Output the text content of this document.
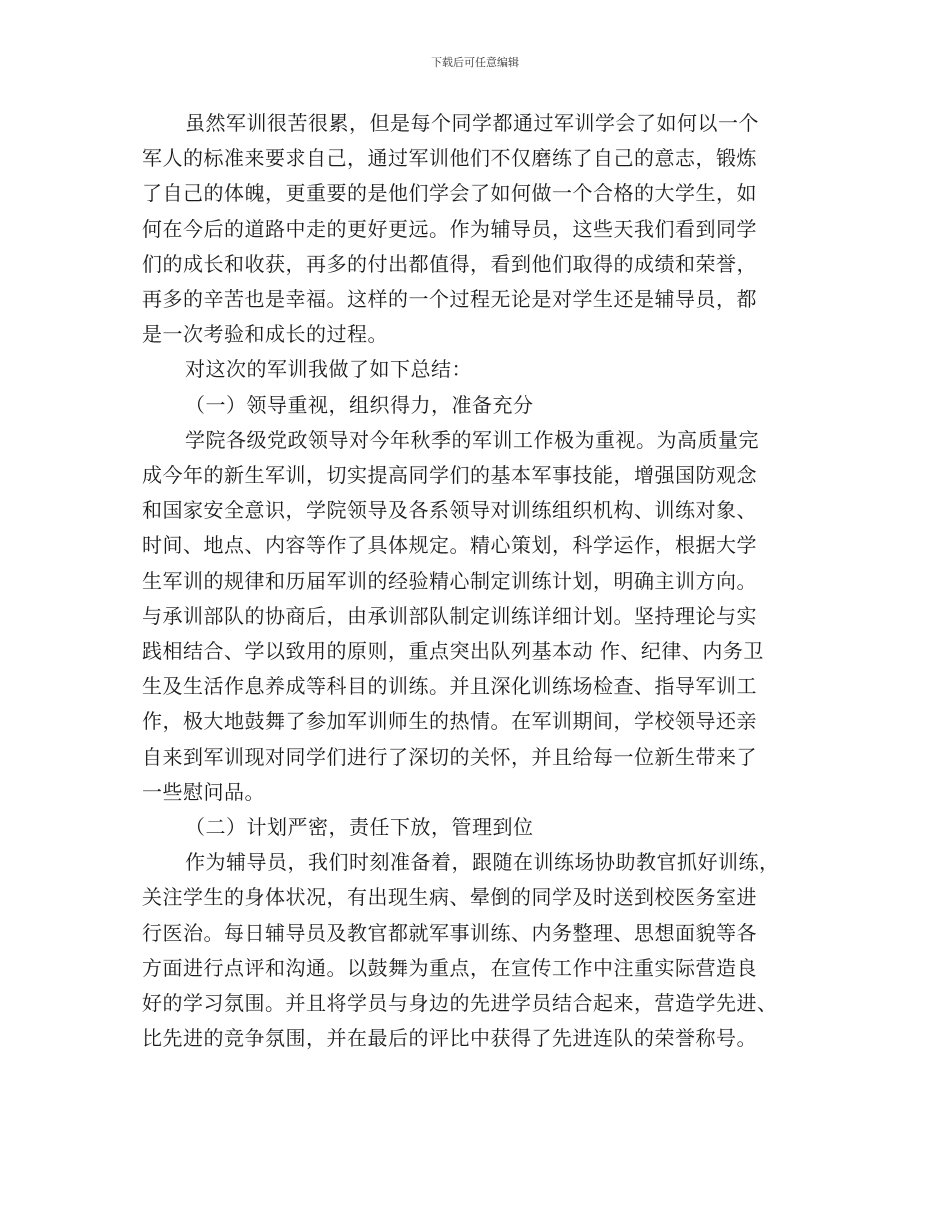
下载后可任意编辑
虽然军训很苦很累，但是每个同学都通过军训学会了如何以一个
军人的标准来要求自己，通过军训他们不仅磨练了自己的意志，锻炼
了自己的体魄，更重要的是他们学会了如何做一个合格的大学生，如
何在今后的道路中走的更好更远。作为辅导员，这些天我们看到同学
们的成长和收获，再多的付出都值得，看到他们取得的成绩和荣誉，
再多的辛苦也是幸福。这样的一个过程无论是对学生还是辅导员，都
是一次考验和成长的过程。
对这次的军训我做了如下总结：
（一）领导重视，组织得力，准备充分
学院各级党政领导对今年秋季的军训工作极为重视。为高质量完
成今年的新生军训，切实提高同学们的基本军事技能，增强国防观念
和国家安全意识，学院领导及各系领导对训练组织机构、训练对象、
时间、地点、内容等作了具体规定。精心策划，科学运作，根据大学
生军训的规律和历届军训的经验精心制定训练计划，明确主训方向。
与承训部队的协商后，由承训部队制定训练详细计划。坚持理论与实
践相结合、学以致用的原则，重点突出队列基本动 作、纪律、内务卫
生及生活作息养成等科目的训练。并且深化训练场检查、指导军训工
作，极大地鼓舞了参加军训师生的热情。在军训期间，学校领导还亲
自来到军训现对同学们进行了深切的关怀，并且给每一位新生带来了
一些慰问品。
（二）计划严密，责任下放，管理到位
作为辅导员，我们时刻准备着，跟随在训练场协助教官抓好训练，
关注学生的身体状况，有出现生病、晕倒的同学及时送到校医务室进
行医治。每日辅导员及教官都就军事训练、内务整理、思想面貌等各
方面进行点评和沟通。以鼓舞为重点，在宣传工作中注重实际营造良
好的学习氛围。并且将学员与身边的先进学员结合起来，营造学先进、
比先进的竞争氛围，并在最后的评比中获得了先进连队的荣誉称号。
